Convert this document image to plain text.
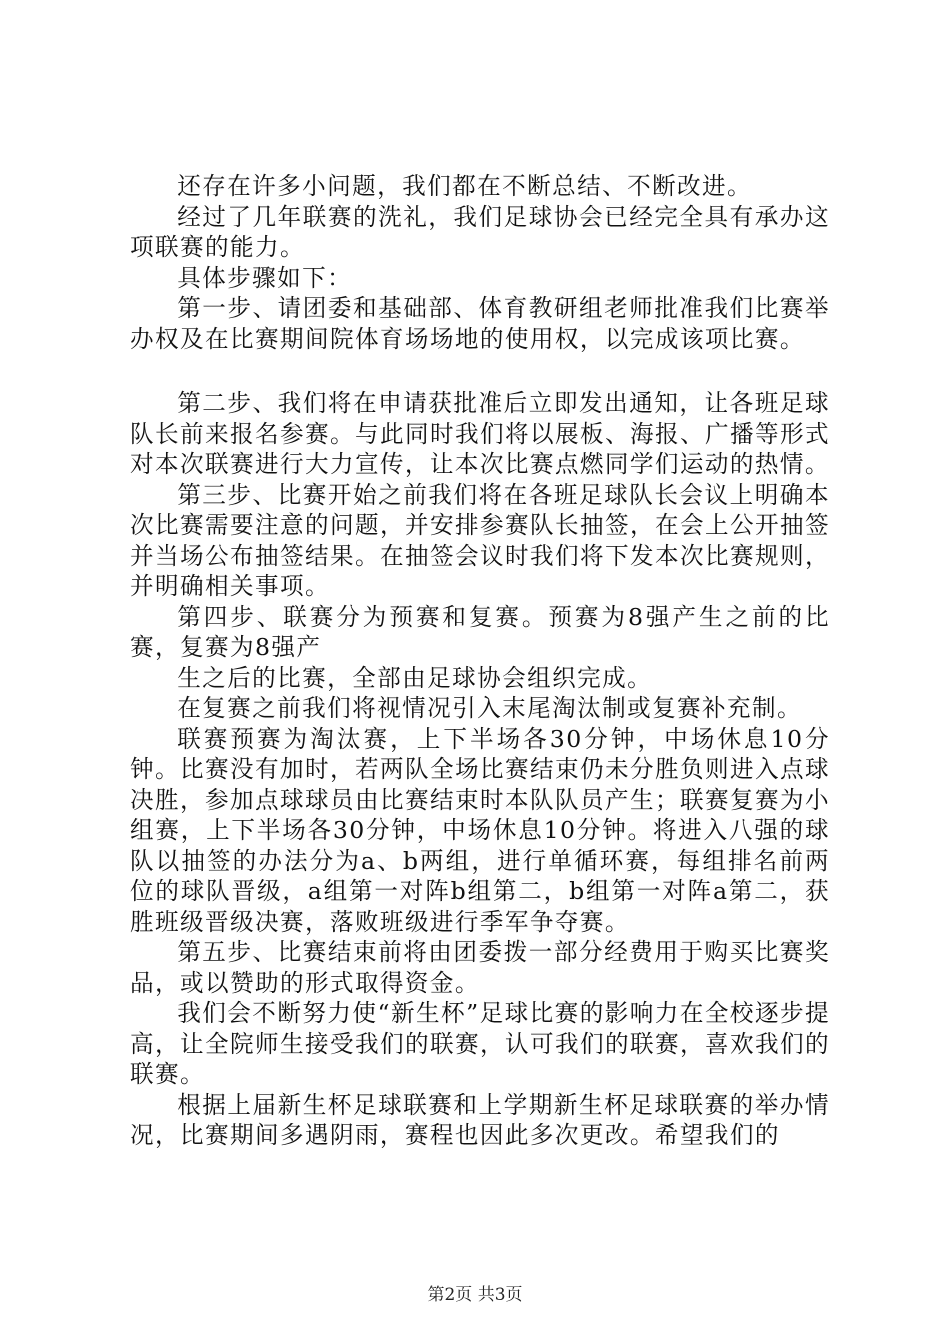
还存在许多小问题，我们都在不断总结、不断改进。

经过了几年联赛的洗礼，我们足球协会已经完全具有承办这项联赛的能力。

具体步骤如下：

第一步、请团委和基础部、体育教研组老师批准我们比赛举办权及在比赛期间院体育场场地的使用权，以完成该项比赛。

第二步、我们将在申请获批准后立即发出通知，让各班足球队长前来报名参赛。与此同时我们将以展板、海报、广播等形式对本次联赛进行大力宣传，让本次比赛点燃同学们运动的热情。

第三步、比赛开始之前我们将在各班足球队长会议上明确本次比赛需要注意的问题，并安排参赛队长抽签，在会上公开抽签并当场公布抽签结果。在抽签会议时我们将下发本次比赛规则，并明确相关事项。

第四步、联赛分为预赛和复赛。预赛为8强产生之前的比赛，复赛为8强产

生之后的比赛，全部由足球协会组织完成。

在复赛之前我们将视情况引入末尾淘汰制或复赛补充制。

联赛预赛为淘汰赛，上下半场各30分钟，中场休息10分钟。比赛没有加时，若两队全场比赛结束仍未分胜负则进入点球决胜，参加点球球员由比赛结束时本队队员产生；联赛复赛为小组赛，上下半场各30分钟，中场休息10分钟。将进入八强的球队以抽签的办法分为a、b两组，进行单循环赛，每组排名前两位的球队晋级，a组第一对阵b组第二，b组第一对阵a第二，获胜班级晋级决赛，落败班级进行季军争夺赛。

第五步、比赛结束前将由团委拨一部分经费用于购买比赛奖品，或以赞助的形式取得资金。

我们会不断努力使“新生杯”足球比赛的影响力在全校逐步提高，让全院师生接受我们的联赛，认可我们的联赛，喜欢我们的联赛。

根据上届新生杯足球联赛和上学期新生杯足球联赛的举办情况，比赛期间多遇阴雨，赛程也因此多次更改。希望我们的

第2页 共3页
